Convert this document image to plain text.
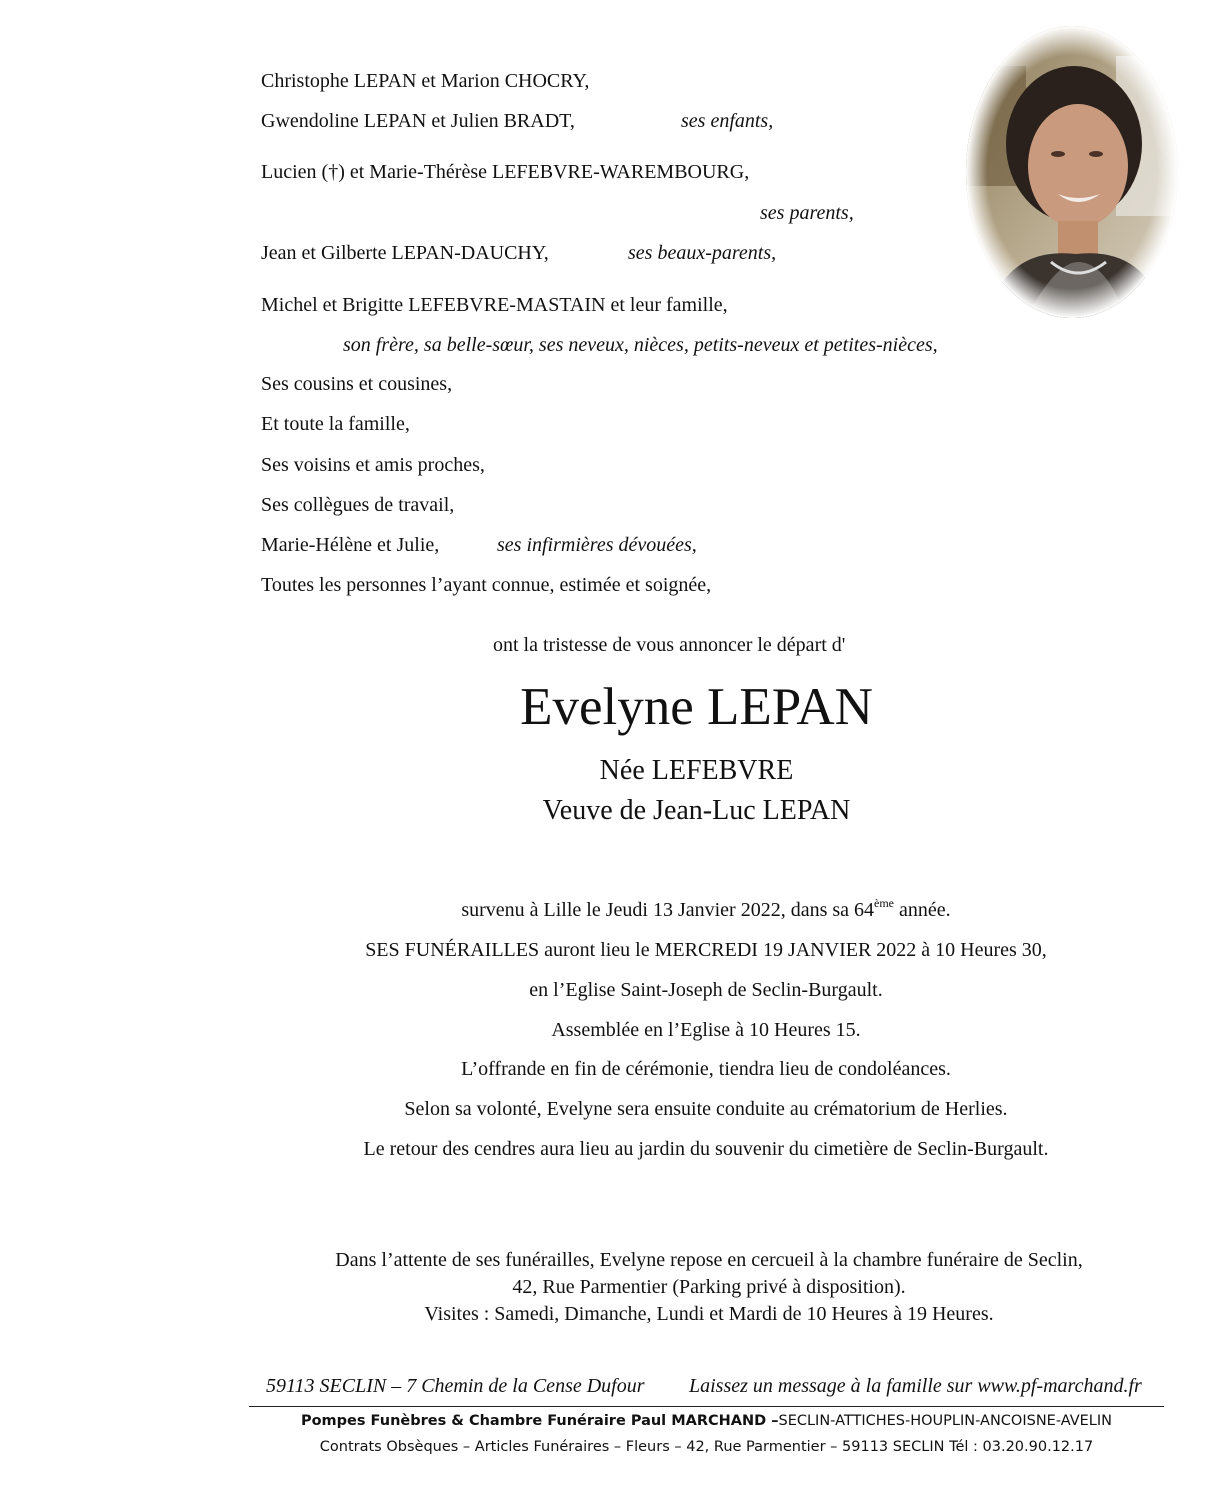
Christophe LEPAN et Marion CHOCRY,
Gwendoline LEPAN et Julien BRADT,	ses enfants,
Lucien (†) et Marie-Thérèse LEFEBVRE-WAREMBOURG,
ses parents,
Jean et Gilberte LEPAN-DAUCHY,	ses beaux-parents,
Michel et Brigitte LEFEBVRE-MASTAIN et leur famille,
son frère, sa belle-sœur, ses neveux, nièces, petits-neveux et petites-nièces,
Ses cousins et cousines,
Et toute la famille,
Ses voisins et amis proches,
Ses collègues de travail,
Marie-Hélène et Julie,	ses infirmières dévouées,
Toutes les personnes l’ayant connue, estimée et soignée,
ont la tristesse de vous annoncer le départ d'
Evelyne LEPAN
Née LEFEBVRE
Veuve de Jean-Luc LEPAN
survenu à Lille le Jeudi 13 Janvier 2022, dans sa 64ème année.
SES FUNÉRAILLES auront lieu le MERCREDI 19 JANVIER 2022 à 10 Heures 30,
en l’Eglise Saint-Joseph de Seclin-Burgault.
Assemblée en l’Eglise à 10 Heures 15.
L’offrande en fin de cérémonie, tiendra lieu de condoléances.
Selon sa volonté, Evelyne sera ensuite conduite au crématorium de Herlies.
Le retour des cendres aura lieu au jardin du souvenir du cimetière de Seclin-Burgault.
Dans l’attente de ses funérailles, Evelyne repose en cercueil à la chambre funéraire de Seclin,
42, Rue Parmentier (Parking privé à disposition).
Visites : Samedi, Dimanche, Lundi et Mardi de 10 Heures à 19 Heures.
59113 SECLIN – 7 Chemin de la Cense Dufour Laissez un message à la famille sur www.pf-marchand.fr
Pompes Funèbres & Chambre Funéraire Paul MARCHAND –SECLIN-ATTICHES-HOUPLIN-ANCOISNE-AVELIN
Contrats Obsèques – Articles Funéraires – Fleurs – 42, Rue Parmentier – 59113 SECLIN Tél : 03.20.90.12.17
